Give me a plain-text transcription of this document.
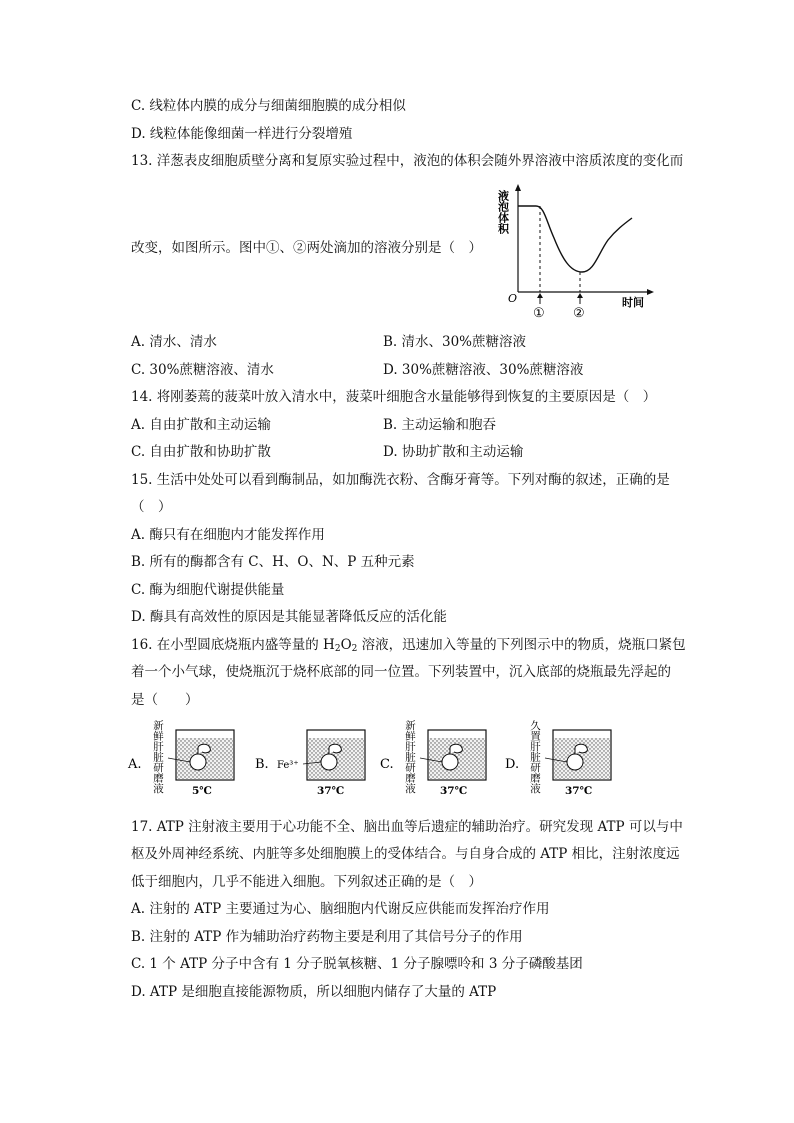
C. 线粒体内膜的成分与细菌细胞膜的成分相似
D. 线粒体能像细菌一样进行分裂增殖
13. 洋葱表皮细胞质壁分离和复原实验过程中，液泡的体积会随外界溶液中溶质浓度的变化而
改变，如图所示。图中①、②两处滴加的溶液分别是（　）
液泡体积
O	时间
① ②
A. 清水、清水	B. 清水、30%蔗糖溶液
C. 30%蔗糖溶液、清水	D. 30%蔗糖溶液、30%蔗糖溶液
14. 将刚萎蔫的菠菜叶放入清水中，菠菜叶细胞含水量能够得到恢复的主要原因是（　）
A. 自由扩散和主动运输	B. 主动运输和胞吞
C. 自由扩散和协助扩散	D. 协助扩散和主动运输
15. 生活中处处可以看到酶制品，如加酶洗衣粉、含酶牙膏等。下列对酶的叙述，正确的是
（　）
A. 酶只有在细胞内才能发挥作用
B. 所有的酶都含有 C、H、O、N、P 五种元素
C. 酶为细胞代谢提供能量
D. 酶具有高效性的原因是其能显著降低反应的活化能
16. 在小型圆底烧瓶内盛等量的 $H_2O_2$ 溶液，迅速加入等量的下列图示中的物质，烧瓶口紧包
着一个小气球，使烧瓶沉于烧杯底部的同一位置。下列装置中，沉入底部的烧瓶最先浮起的
是（　　）
A. 新鲜肝脏研磨液	5℃
B. Fe³⁺
37℃
C. 新鲜肝脏研磨液 37℃
D. 久置肝脏研磨液 37℃
17. ATP 注射液主要用于心功能不全、脑出血等后遗症的辅助治疗。研究发现 ATP 可以与中
枢及外周神经系统、内脏等多处细胞膜上的受体结合。与自身合成的 ATP 相比，注射浓度远
低于细胞内，几乎不能进入细胞。下列叙述正确的是（　）
A. 注射的 ATP 主要通过为心、脑细胞内代谢反应供能而发挥治疗作用
B. 注射的 ATP 作为辅助治疗药物主要是利用了其信号分子的作用
C. 1 个 ATP 分子中含有 1 分子脱氧核糖、1 分子腺嘌呤和 3 分子磷酸基团
D. ATP 是细胞直接能源物质，所以细胞内储存了大量的 ATP
